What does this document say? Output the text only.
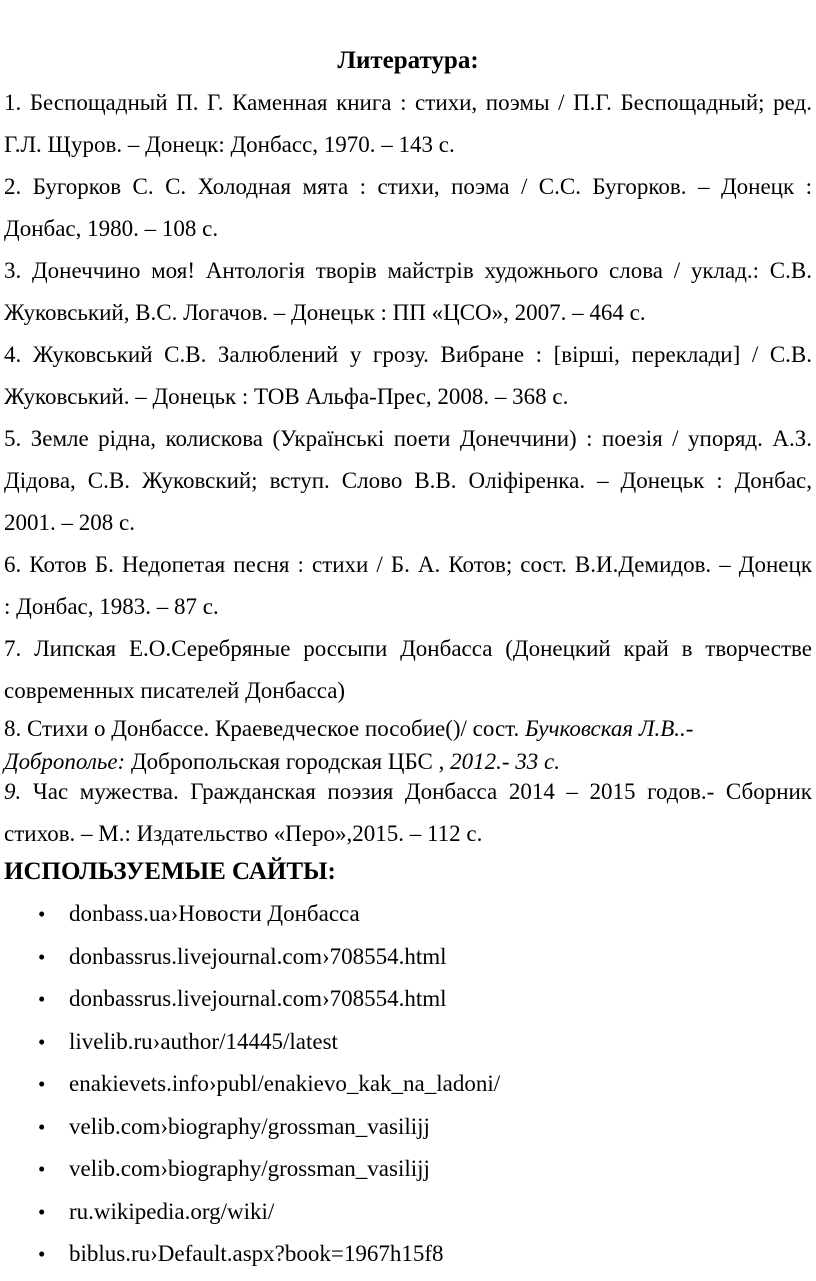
Литература:

1. Беспощадный П. Г. Каменная книга : стихи, поэмы / П.Г. Беспощадный; ред.
Г.Л. Щуров. – Донецк: Донбасс, 1970. – 143 с.

2. Бугорков С. С. Холодная мята : стихи, поэма / С.С. Бугорков. – Донецк :
Донбас, 1980. – 108 с.

3. Донеччино моя! Антологія творів майстрів художнього слова / уклад.: С.В.
Жуковський, В.С. Логачов. – Донецьк : ПП «ЦСО», 2007. – 464 с.

4. Жуковський С.В. Залюблений у грозу. Вибране : [вірші, переклади] / С.В.
Жуковський. – Донецьк : ТОВ Альфа-Прес, 2008. – 368 с.

5. Земле рідна, колискова (Українські поети Донеччини) : поезія / упоряд. А.З.
Дідова, С.В. Жуковский; вступ. Слово В.В. Оліфіренка. – Донецьк : Донбас,
2001. – 208 с.

6. Котов Б. Недопетая песня : стихи / Б. А. Котов; сост. В.И.Демидов. – Донецк
: Донбас, 1983. – 87 с.

7. Липская Е.О.Серебряные россыпи Донбасса (Донецкий край в творчестве
современных писателей Донбасса)

8. Стихи о Донбассе. Краеведческое пособие()/ сост. Бучковская Л.В..-
Доброполье: Добропольская городская ЦБС , 2012.- 33 с.

9. Час мужества. Гражданская поэзия Донбасса 2014 – 2015 годов.- Сборник
стихов. – М.: Издательство «Перо»,2015. – 112 с.

ИСПОЛЬЗУЕМЫЕ САЙТЫ:
• donbass.ua›Новости Донбасса
• donbassrus.livejournal.com›708554.html
• donbassrus.livejournal.com›708554.html
• livelib.ru›author/14445/latest
• enakievets.info›publ/enakievo_kak_na_ladoni/
• velib.com›biography/grossman_vasilijj
• velib.com›biography/grossman_vasilijj
• ru.wikipedia.org/wiki/
• biblus.ru›Default.aspx?book=1967h15f8
